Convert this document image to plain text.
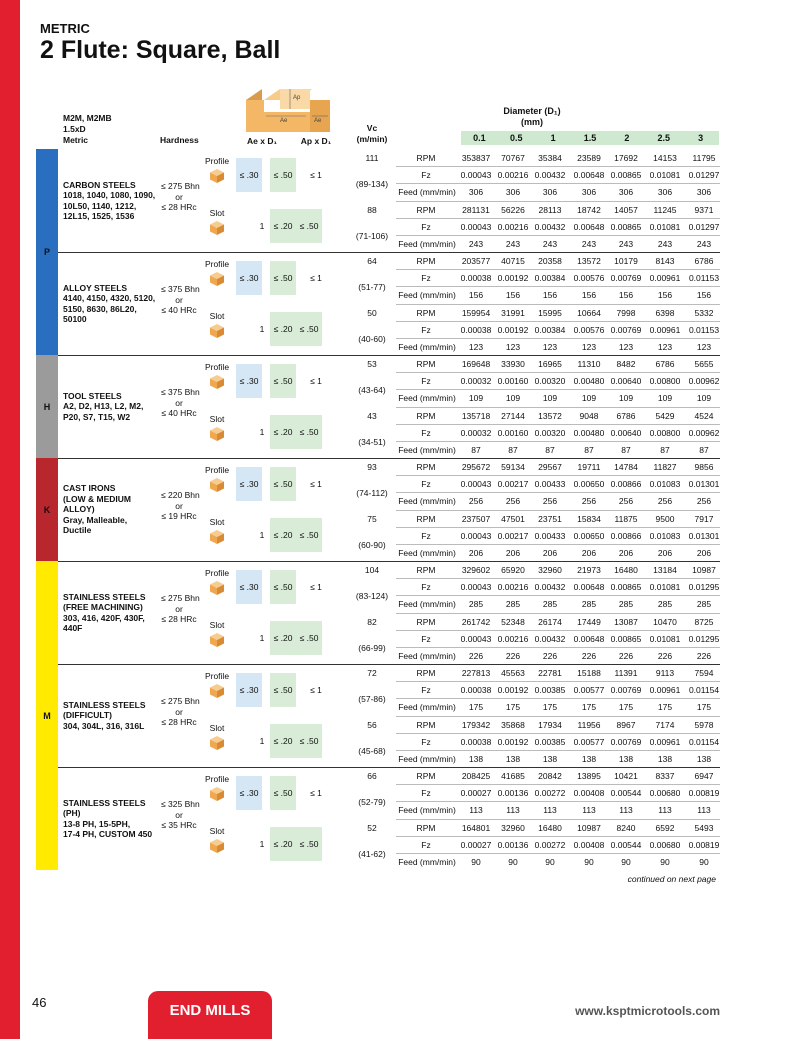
METRIC
2 Flute: Square, Ball
Ap
Ae	Ae
M2M, M2MB
1.5xD
Metric	Hardness	Ae x D₁	Ap x D₁
Vc
(m/min)
Diameter (D₁)
(mm)
0.1	0.5	1	1.5	2	2.5	3
P
CARBON STEELS
1018, 1040, 1080, 1090,
10L50, 1140, 1212,
12L15, 1525, 1536
≤ 275 Bhn
or
≤ 28 HRc
Profile
≤ .30	≤ .50	≤ 1
Slot
1 ≤ .20 ≤ .50
111
(89-134)
RPM	353837 70767 35384 23589 17692 14153 11795
Fz	0.00043 0.00216 0.00432 0.00648 0.00865 0.01081 0.01297
Feed (mm/min) 306	306	306	306	306	306	306
88
(71-106)
RPM	281131 56226 28113 18742 14057 11245 9371
Fz	0.00043 0.00216 0.00432 0.00648 0.00865 0.01081 0.01297
Feed (mm/min) 243	243	243	243	243	243	243
ALLOY STEELS
4140, 4150, 4320, 5120,
5150, 8630, 86L20,
50100
≤ 375 Bhn
or
≤ 40 HRc
Profile
≤ .30	≤ .50	≤ 1
Slot
1 ≤ .20 ≤ .50
64
(51-77)
RPM	203577 40715 20358 13572 10179 8143 6786
Fz	0.00038 0.00192 0.00384 0.00576 0.00769 0.00961 0.01153
Feed (mm/min) 156	156	156	156	156	156	156
50
(40-60)
RPM	159954 31991 15995 10664 7998 6398 5332
Fz	0.00038 0.00192 0.00384 0.00576 0.00769 0.00961 0.01153
Feed (mm/min) 123	123	123	123	123	123	123
H
TOOL STEELS
A2, D2, H13, L2, M2,
P20, S7, T15, W2
≤ 375 Bhn
or
≤ 40 HRc
Profile
≤ .30	≤ .50	≤ 1
Slot
1 ≤ .20 ≤ .50
53
(43-64)
RPM	169648 33930 16965 11310 8482 6786 5655
Fz	0.00032 0.00160 0.00320 0.00480 0.00640 0.00800 0.00962
Feed (mm/min) 109	109	109	109	109	109	109
43
(34-51)
RPM	135718 27144 13572 9048 6786 5429 4524
Fz	0.00032 0.00160 0.00320 0.00480 0.00640 0.00800 0.00962
Feed (mm/min) 87	87	87	87	87	87	87
K
CAST IRONS
(LOW & MEDIUM
ALLOY)
Gray, Malleable,
Ductile
≤ 220 Bhn
or
≤ 19 HRc
Profile
≤ .30	≤ .50	≤ 1
Slot
1 ≤ .20 ≤ .50
93
(74-112)
RPM	295672 59134 29567 19711 14784 11827 9856
Fz	0.00043 0.00217 0.00433 0.00650 0.00866 0.01083 0.01301
Feed (mm/min) 256	256	256	256	256	256	256
75
(60-90)
RPM	237507 47501 23751 15834 11875 9500 7917
Fz	0.00043 0.00217 0.00433 0.00650 0.00866 0.01083 0.01301
Feed (mm/min) 206	206	206	206	206	206	206
M
STAINLESS STEELS
(FREE MACHINING)
303, 416, 420F, 430F,
440F
≤ 275 Bhn
or
≤ 28 HRc
Profile
≤ .30	≤ .50	≤ 1
Slot
1 ≤ .20 ≤ .50
104
(83-124)
RPM	329602 65920 32960 21973 16480 13184 10987
Fz	0.00043 0.00216 0.00432 0.00648 0.00865 0.01081 0.01295
Feed (mm/min) 285	285	285	285	285	285	285
82
(66-99)
RPM	261742 52348 26174 17449 13087 10470 8725
Fz	0.00043 0.00216 0.00432 0.00648 0.00865 0.01081 0.01295
Feed (mm/min) 226	226	226	226	226	226	226
STAINLESS STEELS
(DIFFICULT)
304, 304L, 316, 316L
≤ 275 Bhn
or
≤ 28 HRc
Profile
≤ .30	≤ .50	≤ 1
Slot
1 ≤ .20 ≤ .50
72
(57-86)
RPM	227813 45563 22781 15188 11391 9113 7594
Fz	0.00038 0.00192 0.00385 0.00577 0.00769 0.00961 0.01154
Feed (mm/min) 175	175	175	175	175	175	175
56
(45-68)
RPM	179342 35868 17934 11956 8967 7174 5978
Fz	0.00038 0.00192 0.00385 0.00577 0.00769 0.00961 0.01154
Feed (mm/min) 138	138	138	138	138	138	138
STAINLESS STEELS
(PH)
13-8 PH, 15-5PH,
17-4 PH, CUSTOM 450
≤ 325 Bhn
or
≤ 35 HRc
Profile
≤ .30	≤ .50	≤ 1
Slot
1 ≤ .20 ≤ .50
66
(52-79)
RPM	208425 41685 20842 13895 10421 8337 6947
Fz	0.00027 0.00136 0.00272 0.00408 0.00544 0.00680 0.00819
Feed (mm/min) 113	113	113	113	113	113	113
52
(41-62)
RPM	164801 32960 16480 10987 8240 6592 5493
Fz	0.00027 0.00136 0.00272 0.00408 0.00544 0.00680 0.00819
Feed (mm/min) 90	90	90	90	90	90	90
continued on next page
46	END MILLS	www.ksptmicrotools.com
